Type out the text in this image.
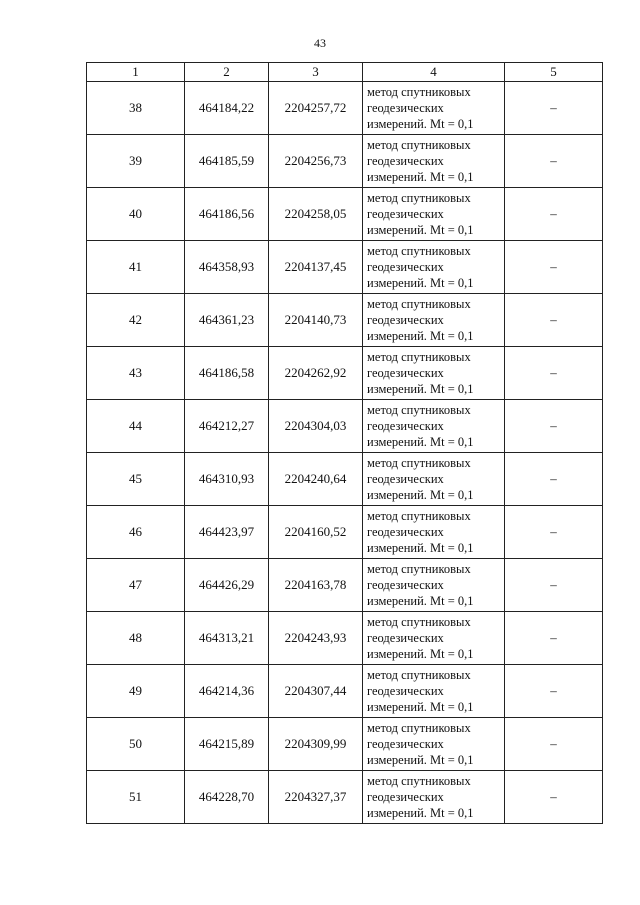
43
1	2	3	4	5
38	464184,22	2204257,72	метод спутниковых
геодезических
измерений. Mt = 0,1	–
39	464185,59	2204256,73	метод спутниковых
геодезических
измерений. Mt = 0,1	–
40	464186,56	2204258,05	метод спутниковых
геодезических
измерений. Mt = 0,1	–
41	464358,93	2204137,45	метод спутниковых
геодезических
измерений. Mt = 0,1	–
42	464361,23	2204140,73	метод спутниковых
геодезических
измерений. Mt = 0,1	–
43	464186,58	2204262,92	метод спутниковых
геодезических
измерений. Mt = 0,1	–
44	464212,27	2204304,03	метод спутниковых
геодезических
измерений. Mt = 0,1	–
45	464310,93	2204240,64	метод спутниковых
геодезических
измерений. Mt = 0,1	–
46	464423,97	2204160,52	метод спутниковых
геодезических
измерений. Mt = 0,1	–
47	464426,29	2204163,78	метод спутниковых
геодезических
измерений. Mt = 0,1	–
48	464313,21	2204243,93	метод спутниковых
геодезических
измерений. Mt = 0,1	–
49	464214,36	2204307,44	метод спутниковых
геодезических
измерений. Mt = 0,1	–
50	464215,89	2204309,99	метод спутниковых
геодезических
измерений. Mt = 0,1	–
51	464228,70	2204327,37	метод спутниковых
геодезических
измерений. Mt = 0,1	–
